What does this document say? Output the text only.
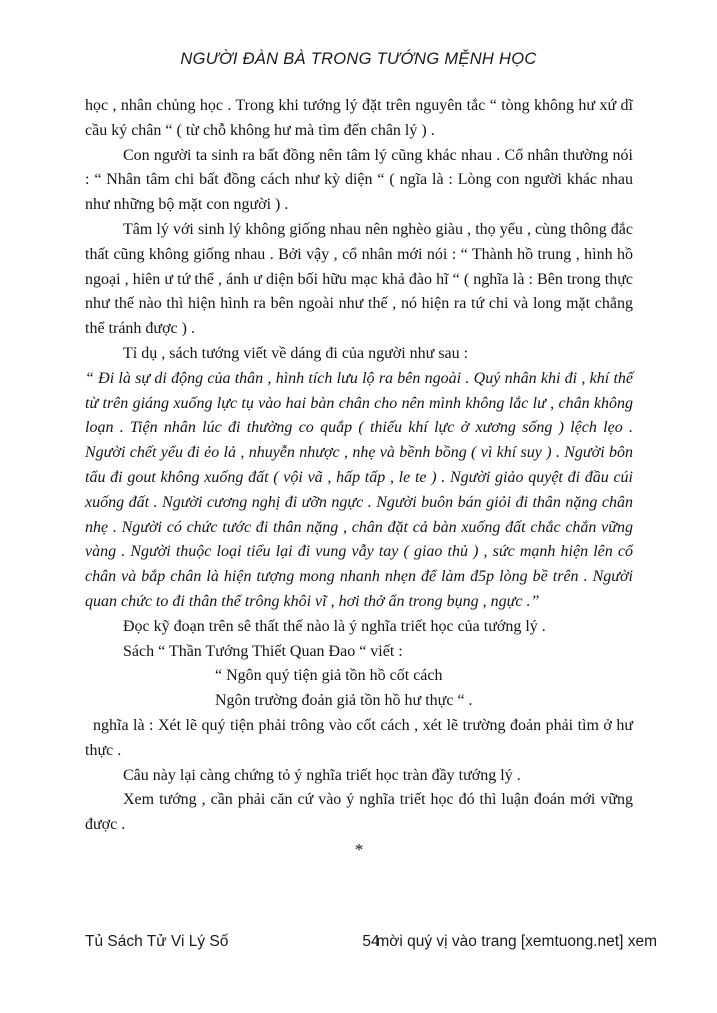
NGƯỜI ĐÀN BÀ TRONG TƯỚNG MỆNH HỌC

học , nhân chủng học . Trong khi tướng lý đặt trên nguyên tắc “ tòng không hư xứ dĩ cầu ký chân “ ( từ chỗ không hư mà tìm đến chân lý ) .

Con người ta sinh ra bất đồng nên tâm lý cũng khác nhau . Cổ nhân thường nói : “ Nhân tâm chi bất đồng cách như kỳ diện “ ( ngĩa là : Lòng con người khác nhau như những bộ mặt con người ) .

Tâm lý với sinh lý không giống nhau nên nghèo giàu , thọ yểu , cùng thông đắc thất cũng không giống nhau . Bởi vậy , cổ nhân mới nói : “ Thành hồ trung , hình hồ ngoại , hiên ư tứ thể , ánh ư diện bối hữu mạc khả đào hĩ “ ( nghĩa là : Bên trong thực như thế nào thì hiện hình ra bên ngoài như thế , nó hiện ra tứ chi và long mặt chẳng thể tránh được ) .

Tỉ dụ , sách tướng viết về dáng đi của người như sau :

“ Đi là sự di động của thân , hình tích lưu lộ ra bên ngoài . Quý nhân khi đi , khí thế từ trên giáng xuống lực tụ vào hai bàn chân cho nên mình không lắc lư , chân không loạn . Tiện nhân lúc đi thường co quắp ( thiếu khí lực ở xương sống ) lệch lẹo . Người chết yểu đi ẻo lả , nhuyễn nhược , nhẹ và bềnh bồng ( vì khí suy ) . Người bôn tẩu đi gout không xuống đất ( vội vã , hấp tấp , le te ) . Người giảo quyệt đi đầu cúi xuống đất . Người cương nghị đi ưỡn ngực . Người buôn bán giỏi đi thân nặng chân nhẹ . Người có chức tước đi thân nặng , chân đặt cả bàn xuống đất chắc chắn vững vàng . Người thuộc loại tiểu lại đi vung vẫy tay ( giao thủ ) , sức mạnh hiện lên cổ chân và bắp chân là hiện tượng mong nhanh nhẹn để làm đ5p lòng bề trên . Người quan chức to đi thân thể trông khôi vĩ , hơi thở ẩn trong bụng , ngực .”

Đọc kỹ đoạn trên sê thất thế nào là ý nghĩa triết học của tướng lý .

Sách “ Thần Tướng Thiết Quan Đao “ viết :

“ Ngôn quý tiện giả tồn hồ cốt cách

Ngôn trường đoản giả tồn hồ hư thực “ .

nghĩa là : Xét lẽ quý tiện phải trông vào cốt cách , xét lẽ trường đoản phải tìm ở hư thực .

Câu này lại càng chứng tỏ ý nghĩa triết học tràn đầy tướng lý .

Xem tướng , cần phải căn cứ vào ý nghĩa triết học đó thì luận đoán mới vững được .

*

54
Tủ Sách Tử Vi Lý Số	mời quý vị vào trang [xemtuong.net] xem
